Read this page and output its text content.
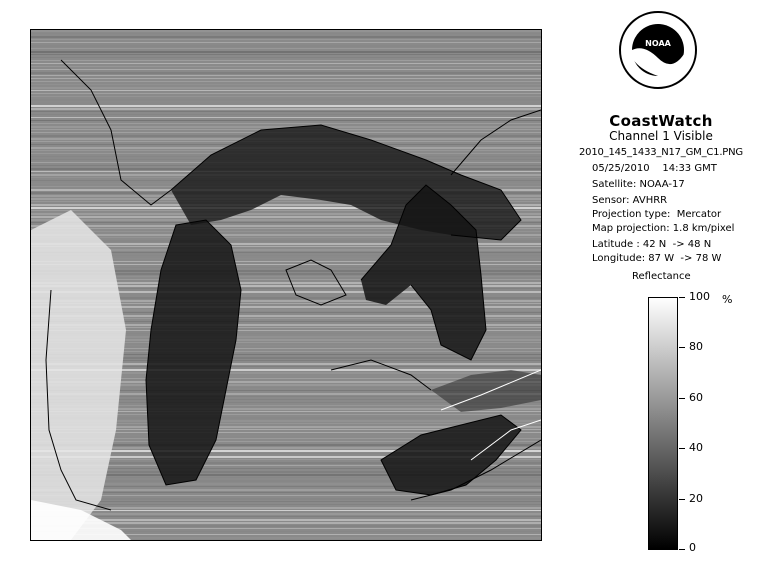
NOAA
CoastWatch
Channel 1 Visible
2010_145_1433_N17_GM_C1.PNG
05/25/2010    14:33 GMT
Satellite: NOAA-17
Sensor: AVHRR
Projection type:  Mercator
Map projection: 1.8 km/pixel
Latitude : 42 N  -> 48 N
Longitude: 87 W  -> 78 W
Reflectance
%
100
80
60
40
20
0
